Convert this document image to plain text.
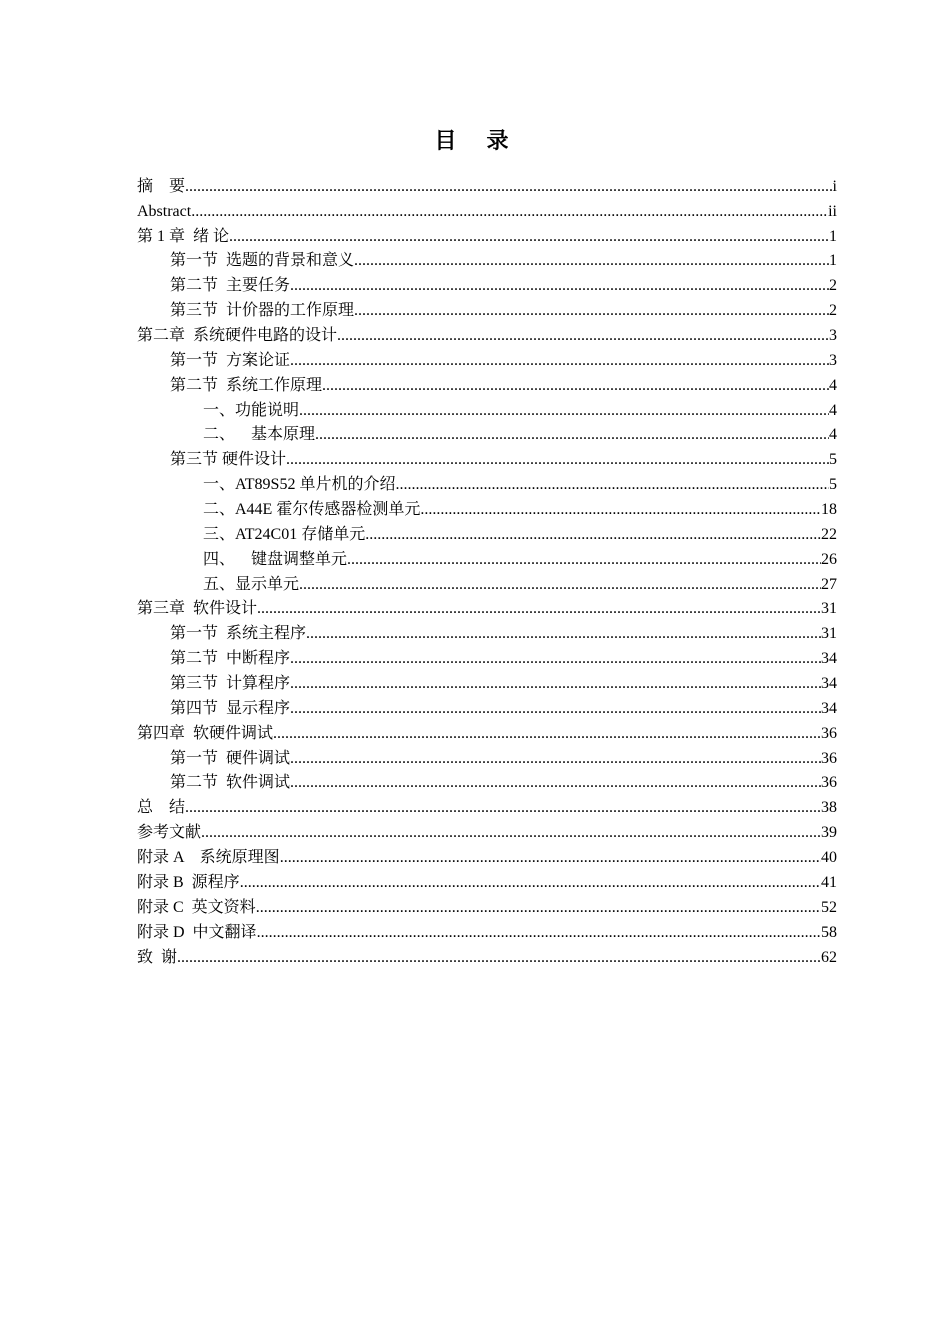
目录
摘    要 .....	i
Abstract .....	ii
第 1 章  绪 论 .....	1
第一节  选题的背景和意义 .....	1
第二节  主要任务 .....	2
第三节  计价器的工作原理 .....	2
第二章  系统硬件电路的设计 .....	3
第一节  方案论证 .....	3
第二节  系统工作原理 .....	4
一、功能说明 .....	4
二、    基本原理 .....	4
第三节 硬件设计 .....	5
一、AT89S52 单片机的介绍 .....	5
二、A44E 霍尔传感器检测单元 .....	18
三、AT24C01 存储单元 .....	22
四、    键盘调整单元 .....	26
五、显示单元 .....	27
第三章  软件设计 .....	31
第一节  系统主程序 .....	31
第二节  中断程序 .....	34
第三节  计算程序 .....	34
第四节  显示程序 .....	34
第四章  软硬件调试 .....	36
第一节  硬件调试 .....	36
第二节  软件调试 .....	36
总    结 .....	38
参考文献 .....	39
附录 A    系统原理图 .....	40
附录 B  源程序 .....	41
附录 C  英文资料 .....	52
附录 D  中文翻译 .....	58
致  谢 .....	62
